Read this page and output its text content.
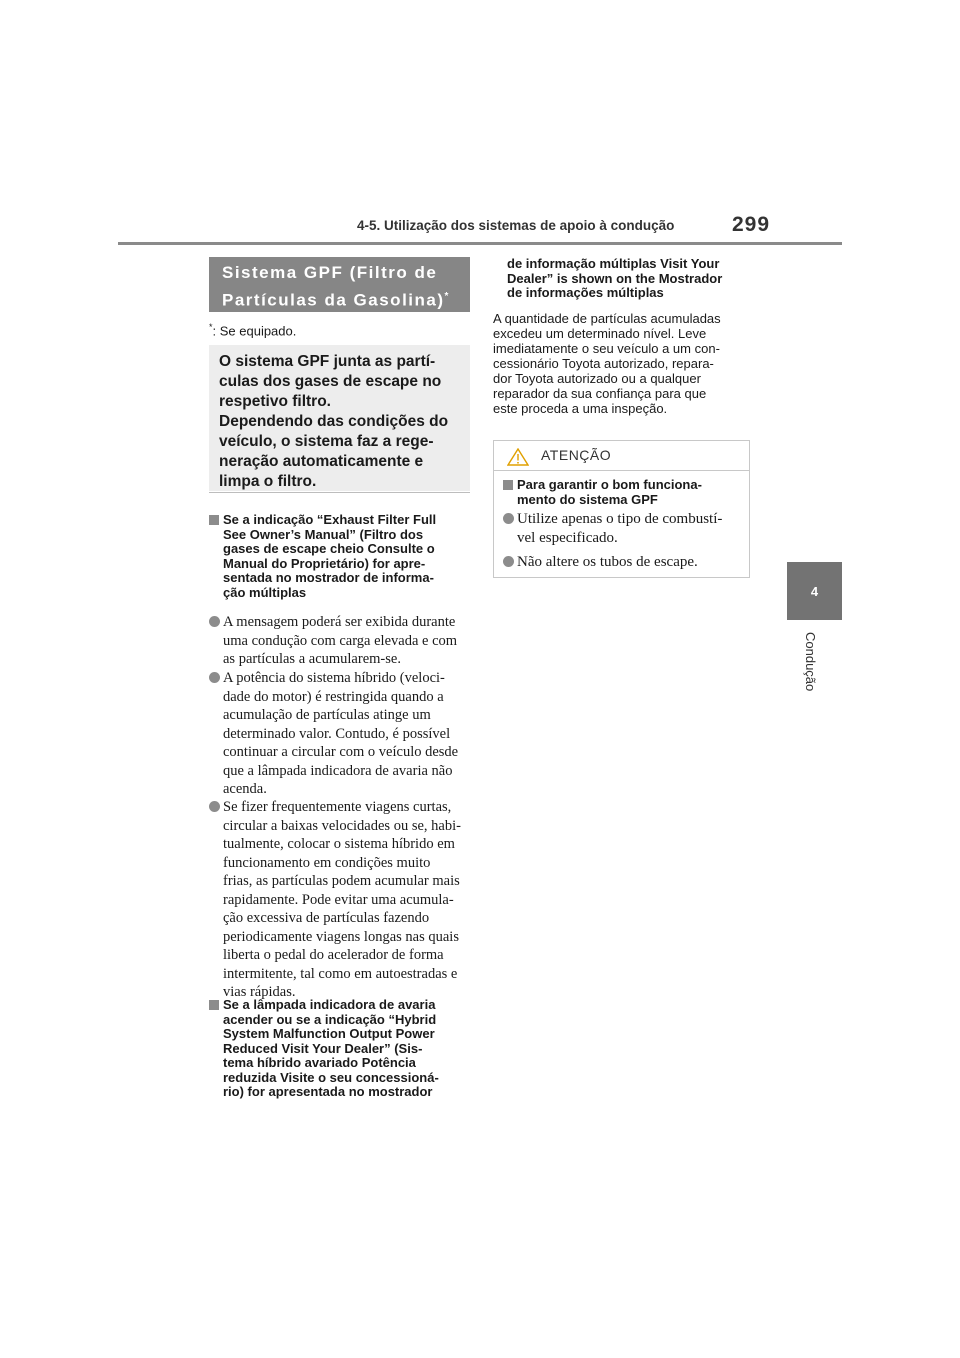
4-5. Utilização dos sistemas de apoio à condução	299
4
Condução
Sistema GPF (Filtro de
Partículas da Gasolina)*
*: Se equipado.
O sistema GPF junta as partí-
culas dos gases de escape no
respetivo filtro.
Dependendo das condições do
veículo, o sistema faz a rege-
neração automaticamente e
limpa o filtro.
Se a indicação “Exhaust Filter Full
See Owner’s Manual” (Filtro dos
gases de escape cheio Consulte o
Manual do Proprietário) for apre-
sentada no mostrador de informa-
ção múltiplas
A mensagem poderá ser exibida durante
uma condução com carga elevada e com
as partículas a acumularem-se.
A potência do sistema híbrido (veloci-
dade do motor) é restringida quando a
acumulação de partículas atinge um
determinado valor. Contudo, é possível
continuar a circular com o veículo desde
que a lâmpada indicadora de avaria não
acenda.
Se fizer frequentemente viagens curtas,
circular a baixas velocidades ou se, habi-
tualmente, colocar o sistema híbrido em
funcionamento em condições muito
frias, as partículas podem acumular mais
rapidamente. Pode evitar uma acumula-
ção excessiva de partículas fazendo
periodicamente viagens longas nas quais
liberta o pedal do acelerador de forma
intermitente, tal como em autoestradas e
vias rápidas.
Se a lâmpada indicadora de avaria
acender ou se a indicação “Hybrid
System Malfunction Output Power
Reduced Visit Your Dealer” (Sis-
tema híbrido avariado Potência
reduzida Visite o seu concessioná-
rio) for apresentada no mostrador
de informação múltiplas Visit Your
Dealer” is shown on the Mostrador
de informações múltiplas
A quantidade de partículas acumuladas
excedeu um determinado nível. Leve
imediatamente o seu veículo a um con-
cessionário Toyota autorizado, repara-
dor Toyota autorizado ou a qualquer
reparador da sua confiança para que
este proceda a uma inspeção.
ATENÇÃO
Para garantir o bom funciona-
mento do sistema GPF
Utilize apenas o tipo de combustí-
vel especificado.
Não altere os tubos de escape.
